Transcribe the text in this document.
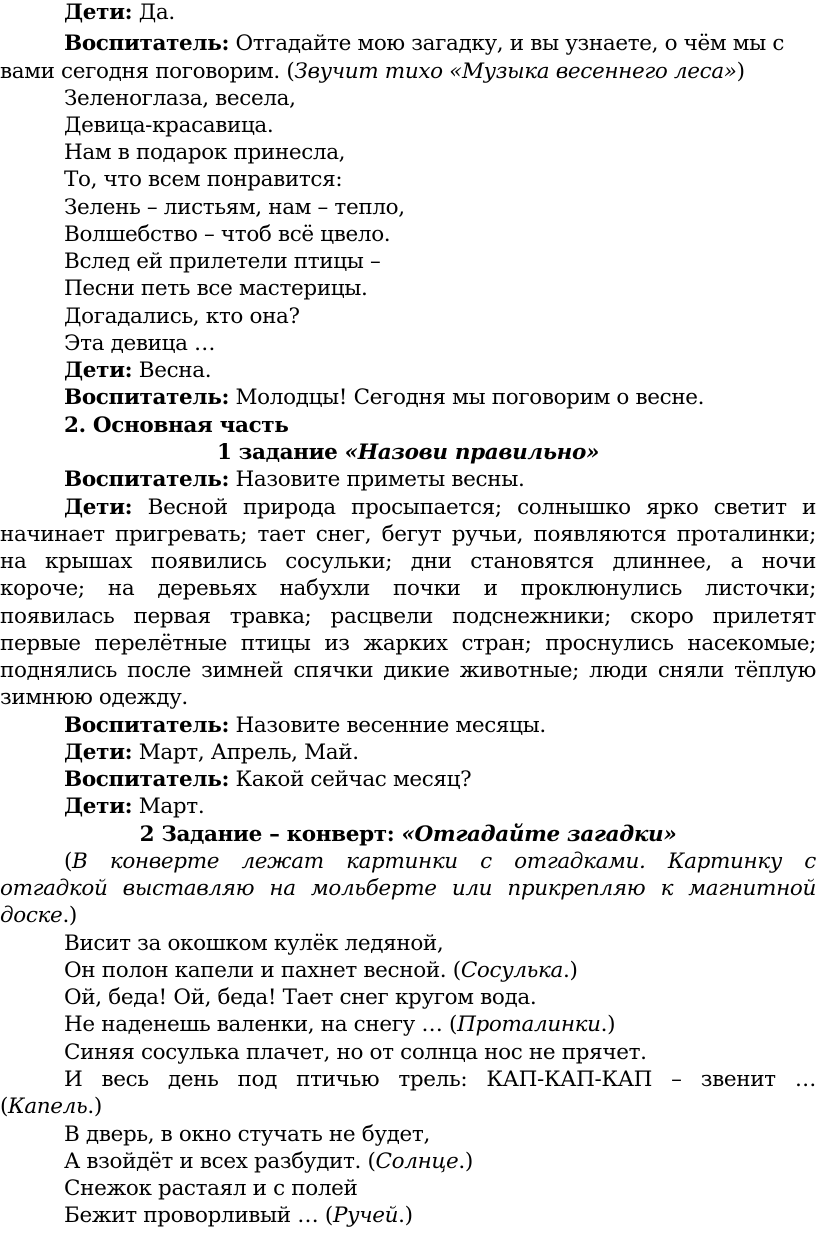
Дети: Да.
Воспитатель: Отгадайте мою загадку, и вы узнаете, о чём мы с
вами сегодня поговорим. (Звучит тихо «Музыка весеннего леса»)
Зеленоглаза, весела,
Девица-красавица.
Нам в подарок принесла,
То, что всем понравится:
Зелень – листьям, нам – тепло,
Волшебство – чтоб всё цвело.
Вслед ей прилетели птицы –
Песни петь все мастерицы.
Догадались, кто она?
Эта девица …
Дети: Весна.
Воспитатель: Молодцы! Сегодня мы поговорим о весне.
2. Основная часть
1 задание «Назови правильно»
Воспитатель: Назовите приметы весны.
Дети: Весной природа просыпается; солнышко ярко светит и
начинает пригревать; тает снег, бегут ручьи, появляются проталинки;
на крышах появились сосульки; дни становятся длиннее, а ночи
короче; на деревьях набухли почки и проклюнулись листочки;
появилась первая травка; расцвели подснежники; скоро прилетят
первые перелётные птицы из жарких стран; проснулись насекомые;
поднялись после зимней спячки дикие животные; люди сняли тёплую
зимнюю одежду.
Воспитатель: Назовите весенние месяцы.
Дети: Март, Апрель, Май.
Воспитатель: Какой сейчас месяц?
Дети: Март.
2 Задание – конверт: «Отгадайте загадки»
(В конверте лежат картинки с отгадками. Картинку с
отгадкой выставляю на мольберте или прикрепляю к магнитной
доске.)
Висит за окошком кулёк ледяной,
Он полон капели и пахнет весной. (Сосулька.)
Ой, беда! Ой, беда! Тает снег кругом вода.
Не наденешь валенки, на снегу … (Проталинки.)
Синяя сосулька плачет, но от солнца нос не прячет.
И весь день под птичью трель: КАП-КАП-КАП – звенит …
(Капель.)
В дверь, в окно стучать не будет,
А взойдёт и всех разбудит. (Солнце.)
Снежок растаял и с полей
Бежит проворливый … (Ручей.)
